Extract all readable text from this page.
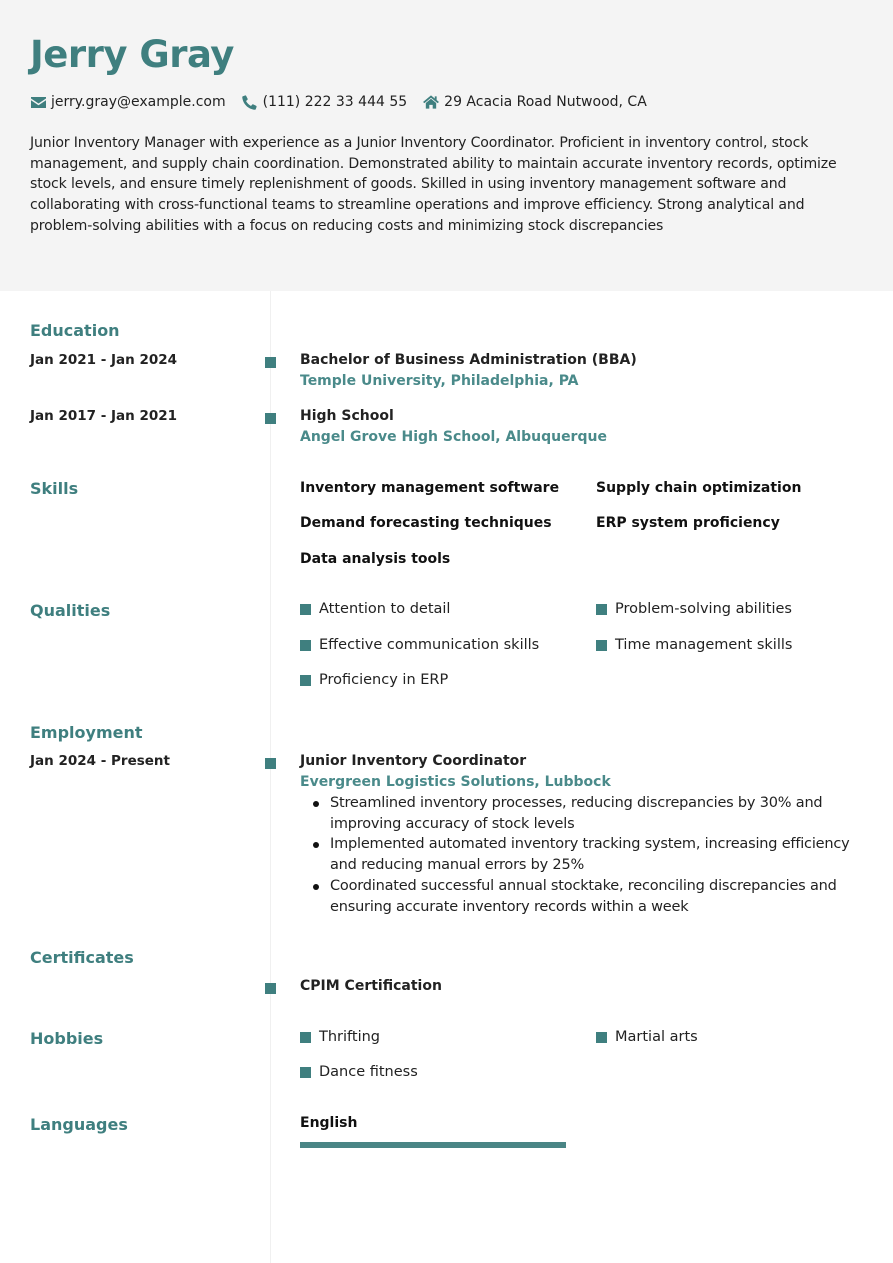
Jerry Gray
jerry.gray@example.com	(111) 222 33 444 55	29 Acacia Road Nutwood, CA

Junior Inventory Manager with experience as a Junior Inventory Coordinator. Proficient in inventory control, stock management, and supply chain coordination. Demonstrated ability to maintain accurate inventory records, optimize stock levels, and ensure timely replenishment of goods. Skilled in using inventory management software and collaborating with cross-functional teams to streamline operations and improve efficiency. Strong analytical and problem-solving abilities with a focus on reducing costs and minimizing stock discrepancies

Education
Jan 2021 - Jan 2024	Bachelor of Business Administration (BBA)
Temple University, Philadelphia, PA
Jan 2017 - Jan 2021	High School
Angel Grove High School, Albuquerque
Skills	Inventory management software	Supply chain optimization
Demand forecasting techniques	ERP system proficiency
Data analysis tools
Qualities	Attention to detail	Problem-solving abilities
Effective communication skills	Time management skills
Proficiency in ERP
Employment
Jan 2024 - Present	Junior Inventory Coordinator
Evergreen Logistics Solutions, Lubbock
Streamlined inventory processes, reducing discrepancies by 30% and improving accuracy of stock levels
Implemented automated inventory tracking system, increasing efficiency and reducing manual errors by 25%
Coordinated successful annual stocktake, reconciling discrepancies and ensuring accurate inventory records within a week
Certificates
CPIM Certification
Hobbies	Thrifting	Martial arts
Dance fitness
Languages	English
